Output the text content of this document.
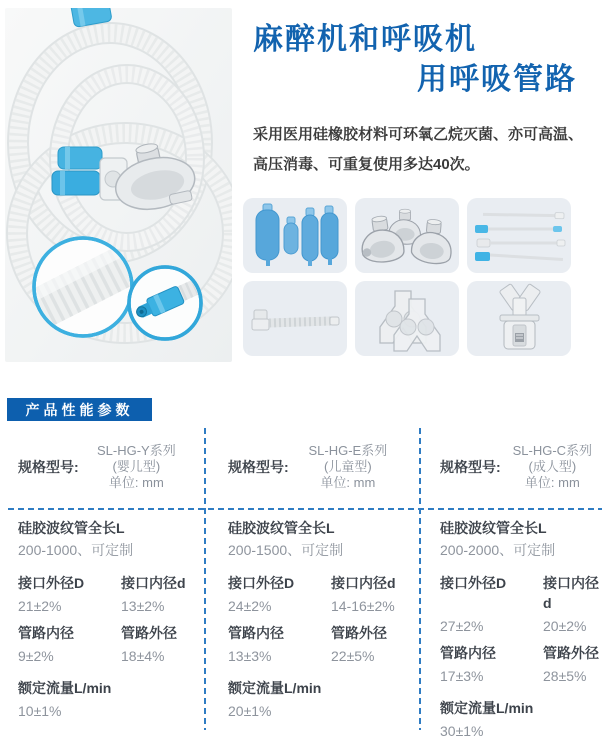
麻醉机和呼吸机
用呼吸管路
采用医用硅橡胶材料可环氧乙烷灭菌、亦可高温、
高压消毒、可重复使用多达40次。
产品性能参数
规格型号:
SL-HG-Y系列
(婴儿型)
单位: mm
硅胶波纹管全长L
200-1000、可定制
接口外径D	接口内径d
21±2%	13±2%
管路内径	管路外径
9±2%	18±4%
额定流量L/min
10±1%
规格型号:
SL-HG-E系列
(儿童型)
单位: mm
硅胶波纹管全长L
200-1500、可定制
接口外径D	接口内径d
24±2%	14-16±2%
管路内径	管路外径
13±3%	22±5%
额定流量L/min
20±1%
规格型号:
SL-HG-C系列
(成人型)
单位: mm
硅胶波纹管全长L
200-2000、可定制
接口外径D	接口内径d
27±2%	20±2%
管路内径	管路外径
17±3%	28±5%
额定流量L/min
30±1%
